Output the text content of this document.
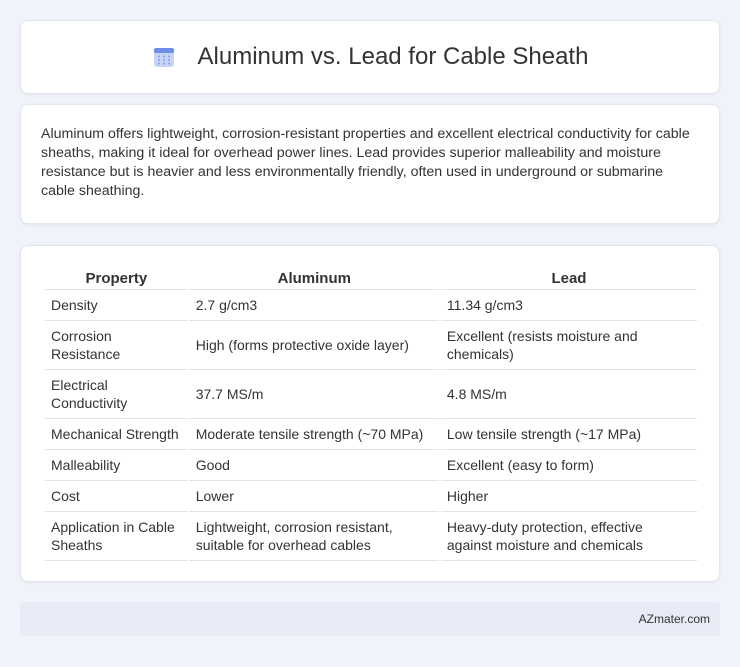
Aluminum vs. Lead for Cable Sheath

Aluminum offers lightweight, corrosion-resistant properties and excellent electrical conductivity for cable sheaths, making it ideal for overhead power lines. Lead provides superior malleability and moisture resistance but is heavier and less environmentally friendly, often used in underground or submarine cable sheathing.

Property	Aluminum	Lead
Density	2.7 g/cm3	11.34 g/cm3
Corrosion Resistance	High (forms protective oxide layer)	Excellent (resists moisture and chemicals)
Electrical Conductivity	37.7 MS/m	4.8 MS/m
Mechanical Strength	Moderate tensile strength (~70 MPa)	Low tensile strength (~17 MPa)
Malleability	Good	Excellent (easy to form)
Cost	Lower	Higher
Application in Cable Sheaths	Lightweight, corrosion resistant, suitable for overhead cables	Heavy-duty protection, effective against moisture and chemicals
AZmater.com
